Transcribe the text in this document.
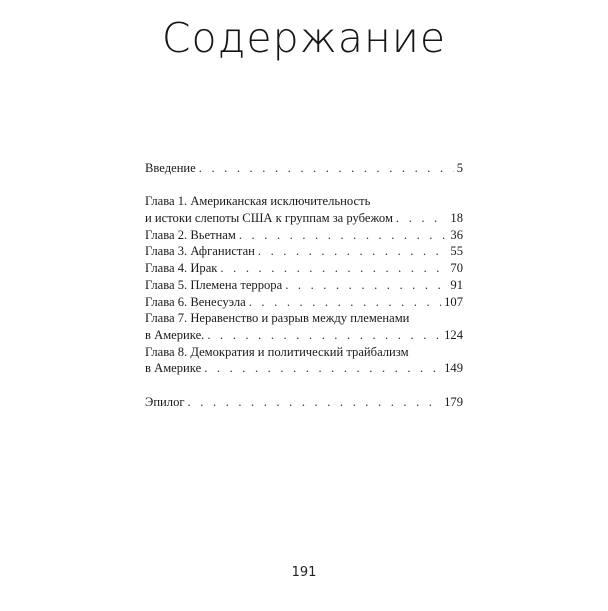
Содержание
Введение . . .	5
Глава 1. Американская исключительность
и истоки слепоты США к группам за рубежом . . .	18
Глава 2. Вьетнам . . .	36
Глава 3. Афганистан . . .	55
Глава 4. Ирак . . .	70
Глава 5. Племена террора . . .	91
Глава 6. Венесуэла . . .	107
Глава 7. Неравенство и разрыв между племенами
в Америке. . . .	124
Глава 8. Демократия и политический трайбализм
в Америке . . .	149
Эпилог . . .	179
191
